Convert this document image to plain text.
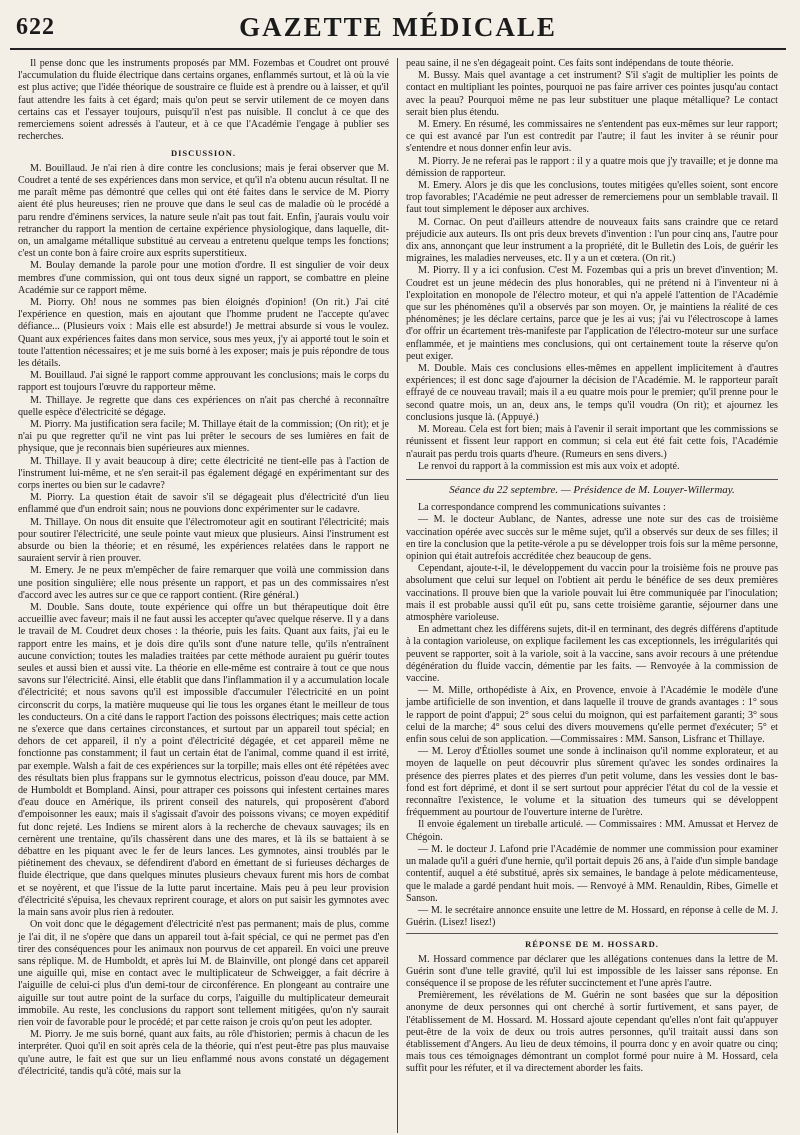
622	GAZETTE MÉDICALE

Il pense donc que les instruments proposés par MM. Fozembas et Coudret ont prouvé l'accumulation du fluide électrique dans certains organes, enflammés surtout, et là où la vie est plus active; que l'idée théorique de soustraire ce fluide est à prendre ou à laisser, et qu'il faut attendre les faits à cet égard; mais qu'on peut se servir utilement de ce moyen dans certains cas et l'essayer toujours, puisqu'il n'est pas nuisible. Il conclut à ce que des remerciemens soient adressés à l'auteur, et à ce que l'Académie l'engage à publier ses recherches.

DISCUSSION.

M. Bouillaud. Je n'ai rien à dire contre les conclusions; mais je ferai observer que M. Coudret a tenté de ses expériences dans mon service, et qu'il n'a obtenu aucun résultat. Il ne me paraît même pas démontré que celles qui ont été faites dans le service de M. Piorry aient été plus heureuses; rien ne prouve que dans le seul cas de maladie où le procédé a paru rendre d'éminens services, la nature seule n'ait pas tout fait. Enfin, j'aurais voulu voir retrancher du rapport la mention de certaine expérience physiologique, dans laquelle, dit-on, un amalgame métallique substitué au cerveau a entretenu quelque temps les fonctions; c'est un conte bon à faire croire aux esprits superstitieux.

M. Boulay demande la parole pour une motion d'ordre. Il est singulier de voir deux membres d'une commission, qui ont tous deux signé un rapport, se combattre en pleine Académie sur ce rapport même.

M. Piorry. Oh! nous ne sommes pas bien éloignés d'opinion! (On rit.) J'ai cité l'expérience en question, mais en ajoutant que l'homme prudent ne l'accepte qu'avec défiance... (Plusieurs voix : Mais elle est absurde!) Je mettrai absurde si vous le voulez. Quant aux expériences faites dans mon service, sous mes yeux, j'y ai apporté tout le soin et toute l'attention nécessaires; et je me suis borné à les exposer; mais je puis répondre de tous les détails.

M. Bouillaud. J'ai signé le rapport comme approuvant les conclusions; mais le corps du rapport est toujours l'œuvre du rapporteur même.

M. Thillaye. Je regrette que dans ces expériences on n'ait pas cherché à reconnaître quelle espèce d'électricité se dégage.

M. Piorry. Ma justification sera facile; M. Thillaye était de la commission; (On rit); et je n'ai pu que regretter qu'il ne vint pas lui prêter le secours de ses lumières en fait de physique, que je reconnais bien supérieures aux miennes.

M. Thillaye. Il y avait beaucoup à dire; cette électricité ne tient-elle pas à l'action de l'instrument lui-même, et ne s'en serait-il pas également dégagé en expérimentant sur des corps inertes ou bien sur le cadavre?

M. Piorry. La question était de savoir s'il se dégageait plus d'électricité d'un lieu enflammé que d'un endroit sain; nous ne pouvions donc expérimenter sur le cadavre.

M. Thillaye. On nous dit ensuite que l'électromoteur agit en soutirant l'électricité; mais pour soutirer l'électricité, une seule pointe vaut mieux que plusieurs. Ainsi l'instrument est absurde ou bien la théorie; et en résumé, les expériences relatées dans le rapport ne sauraient servir à rien prouver.

M. Emery. Je ne peux m'empêcher de faire remarquer que voilà une commission dans une position singulière; elle nous présente un rapport, et pas un des commissaires n'est d'accord avec les autres sur ce que ce rapport contient. (Rire général.)

M. Double. Sans doute, toute expérience qui offre un but thérapeutique doit être accueillie avec faveur; mais il ne faut aussi les accepter qu'avec quelque réserve. Il y a dans le travail de M. Coudret deux choses : la théorie, puis les faits. Quant aux faits, j'ai eu le rapport entre les mains, et je dois dire qu'ils sont d'une nature telle, qu'ils n'entraînent aucune conviction; toutes les maladies traitées par cette méthode auraient pu guérir toutes seules et aussi bien et aussi vite. La théorie en elle-même est contraire à tout ce que nous savons sur l'électricité. Ainsi, elle établit que dans l'inflammation il y a accumulation locale d'électricité; et nous savons qu'il est impossible d'accumuler l'électricité en un point circonscrit du corps, la matière muqueuse qui lie tous les organes étant le meilleur de tous les conducteurs. On a cité dans le rapport l'action des poissons électriques; mais cette action ne s'exerce que dans certaines circonstances, et surtout par un appareil tout spécial; en dehors de cet appareil, il n'y a point d'électricité dégagée, et cet appareil même ne fonctionne pas constamment; il faut un certain état de l'animal, comme quand il est irrité, par exemple. Walsh a fait de ces expériences sur la torpille; mais elles ont été répétées avec des résultats bien plus frappans sur le gymnotus electricus, poisson d'eau douce, par MM. de Humboldt et Bompland. Ainsi, pour attraper ces poissons qui infestent certaines mares d'eau douce en Amérique, ils prirent conseil des naturels, qui proposèrent d'abord d'empoisonner les eaux; mais il s'agissait d'avoir des poissons vivans; ce moyen expéditif fut donc rejeté. Les Indiens se mirent alors à la recherche de chevaux sauvages; ils en cernèrent une trentaine, qu'ils chassèrent dans une des mares, et là ils se battaient à se débattre en les piquant avec le fer de leurs lances. Les gymnotes, ainsi troublés par le piétinement des chevaux, se défendirent d'abord en émettant de si furieuses décharges de fluide électrique, que dans quelques minutes plusieurs chevaux furent mis hors de combat et se noyèrent, et que l'issue de la lutte parut incertaine. Mais peu à peu leur provision d'électricité s'épuisa, les chevaux reprirent courage, et alors on put saisir les gymnotes avec la main sans avoir plus rien à redouter.

On voit donc que le dégagement d'électricité n'est pas permanent; mais de plus, comme je l'ai dit, il ne s'opère que dans un appareil tout à-fait spécial, ce qui ne permet pas d'en tirer des conséquences pour les animaux non pourvus de cet appareil. En voici une preuve sans réplique. M. de Humboldt, et après lui M. de Blainville, ont plongé dans cet appareil une aiguille qui, mise en contact avec le multiplicateur de Schweigger, a fait décrire à l'aiguille de celui-ci plus d'un demi-tour de circonférence. En plongeant au contraire une aiguille sur tout autre point de la surface du corps, l'aiguille du multiplicateur demeurait immobile. Au reste, les conclusions du rapport sont tellement mitigées, qu'on n'y saurait rien voir de favorable pour le procédé; et par cette raison je crois qu'on peut les adopter.

M. Piorry. Je me suis borné, quant aux faits, au rôle d'historien; permis à chacun de les interpréter. Quoi qu'il en soit après cela de la théorie, qui n'est peut-être pas plus mauvaise qu'une autre, le fait est que sur un lieu enflammé nous avons constaté un dégagement d'électricité, tandis qu'à côté, mais sur la

peau saine, il ne s'en dégageait point. Ces faits sont indépendans de toute théorie.

M. Bussy. Mais quel avantage a cet instrument? S'il s'agit de multiplier les points de contact en multipliant les pointes, pourquoi ne pas faire arriver ces pointes jusqu'au contact avec la peau? Pourquoi même ne pas leur substituer une plaque métallique? Le contact serait bien plus étendu.

M. Emery. En résumé, les commissaires ne s'entendent pas eux-mêmes sur leur rapport; ce qui est avancé par l'un est contredit par l'autre; il faut les inviter à se réunir pour s'entendre et nous donner enfin leur avis.

M. Piorry. Je ne referai pas le rapport : il y a quatre mois que j'y travaille; et je donne ma démission de rapporteur.

M. Emery. Alors je dis que les conclusions, toutes mitigées qu'elles soient, sont encore trop favorables; l'Académie ne peut adresser de remerciemens pour un semblable travail. Il faut tout simplement le déposer aux archives.

M. Cornac. On peut d'ailleurs attendre de nouveaux faits sans craindre que ce retard préjudicie aux auteurs. Ils ont pris deux brevets d'invention : l'un pour cinq ans, l'autre pour dix ans, annonçant que leur instrument a la propriété, dit le Bulletin des Lois, de guérir les migraines, les maladies nerveuses, etc. Il y a un et cœtera. (On rit.)

M. Piorry. Il y a ici confusion. C'est M. Fozembas qui a pris un brevet d'invention; M. Coudret est un jeune médecin des plus honorables, qui ne prétend ni à l'inventeur ni à l'exploitation en monopole de l'électro moteur, et qui n'a appelé l'attention de l'Académie que sur les phénomènes qu'il a observés par son moyen. Or, je maintiens la réalité de ces phénomènes; je les déclare certains, parce que je les ai vus; j'ai vu l'électroscope à lames d'or offrir un écartement très-manifeste par l'application de l'électro-moteur sur une surface enflammée, et je maintiens mes conclusions, qui ont certainement toute la réserve qu'on peut exiger.

M. Double. Mais ces conclusions elles-mêmes en appellent implicitement à d'autres expériences; il est donc sage d'ajourner la décision de l'Académie. M. le rapporteur paraît effrayé de ce nouveau travail; mais il a eu quatre mois pour le premier; qu'il prenne pour le second quatre mois, un an, deux ans, le temps qu'il voudra (On rit); et ajournez les conclusions jusque là. (Appuyé.)

M. Moreau. Cela est fort bien; mais à l'avenir il serait important que les commissions se réunissent et fissent leur rapport en commun; si cela eut été fait cette fois, l'Académie n'aurait pas perdu trois quarts d'heure. (Rumeurs en sens divers.)

Le renvoi du rapport à la commission est mis aux voix et adopté.

Séance du 22 septembre. — Présidence de M. Louyer-Willermay.

La correspondance comprend les communications suivantes :

— M. le docteur Aublanc, de Nantes, adresse une note sur des cas de troisième vaccination opérée avec succès sur le même sujet, qu'il a observés sur deux de ses filles; il en tire la conclusion que la petite-vérole a pu se développer trois fois sur la même personne, opinion qui était autrefois accréditée chez beaucoup de gens.

Cependant, ajoute-t-il, le développement du vaccin pour la troisième fois ne prouve pas absolument que celui sur lequel on l'obtient ait perdu le bénéfice de ses deux premières vaccinations. Il prouve bien que la variole pouvait lui être communiquée par l'inoculation; mais il est probable aussi qu'il eût pu, sans cette troisième garantie, séjourner dans une atmosphère varioleuse.

En admettant chez les différens sujets, dit-il en terminant, des degrés différens d'aptitude à la contagion varioleuse, on explique facilement les cas exceptionnels, les irrégularités qui peuvent se rapporter, soit à la variole, soit à la vaccine, sans avoir recours à une prétendue dégénération du fluide vaccin, démentie par les faits. — Renvoyée à la commission de vaccine.

— M. Mille, orthopédiste à Aix, en Provence, envoie à l'Académie le modèle d'une jambe artificielle de son invention, et dans laquelle il trouve de grands avantages : 1° sous le rapport de point d'appui; 2° sous celui du moignon, qui est parfaitement garanti; 3° sous celui de la marche; 4° sous celui des divers mouvemens qu'elle permet d'exécuter; 5° et enfin sous celui de son application. —Commissaires : MM. Sanson, Lisfranc et Thillaye.

— M. Leroy d'Étiolles soumet une sonde à inclinaison qu'il nomme explorateur, et au moyen de laquelle on peut découvrir plus sûrement qu'avec les sondes ordinaires la présence des pierres plates et des pierres d'un petit volume, dans les vessies dont le bas-fond est fort déprimé, et dont il se sert surtout pour apprécier l'état du col de la vessie et reconnaître l'existence, le volume et la situation des tumeurs qui se développent fréquemment au pourtour de l'ouverture interne de l'urètre.

Il envoie également un tireballe articulé. — Commissaires : MM. Amussat et Hervez de Chégoin.

— M. le docteur J. Lafond prie l'Académie de nommer une commission pour examiner un malade qu'il a guéri d'une hernie, qu'il portait depuis 26 ans, à l'aide d'un simple bandage contentif, auquel a été substitué, après six semaines, le bandage à pelote médicamenteuse, que le malade a gardé pendant huit mois. — Renvoyé à MM. Renauldin, Ribes, Gimelle et Sanson.

— M. le secrétaire annonce ensuite une lettre de M. Hossard, en réponse à celle de M. J. Guérin. (Lisez! lisez!)

RÉPONSE DE M. HOSSARD.

M. Hossard commence par déclarer que les allégations contenues dans la lettre de M. Guérin sont d'une telle gravité, qu'il lui est impossible de les laisser sans réponse. En conséquence il se propose de les réfuter succinctement et l'une après l'autre.

Premièrement, les révélations de M. Guérin ne sont basées que sur la déposition anonyme de deux personnes qui ont cherché à sortir furtivement, et sans payer, de l'établissement de M. Hossard. M. Hossard ajoute cependant qu'elles n'ont fait qu'appuyer peut-être de la voix de deux ou trois autres personnes, qu'il traitait aussi dans son établissement d'Angers. Au lieu de deux témoins, il pourra donc y en avoir quatre ou cinq; mais tous ces témoignages démontrant un complot formé pour nuire à M. Hossard, cela suffit pour les réfuter, et il va directement aborder les faits.
